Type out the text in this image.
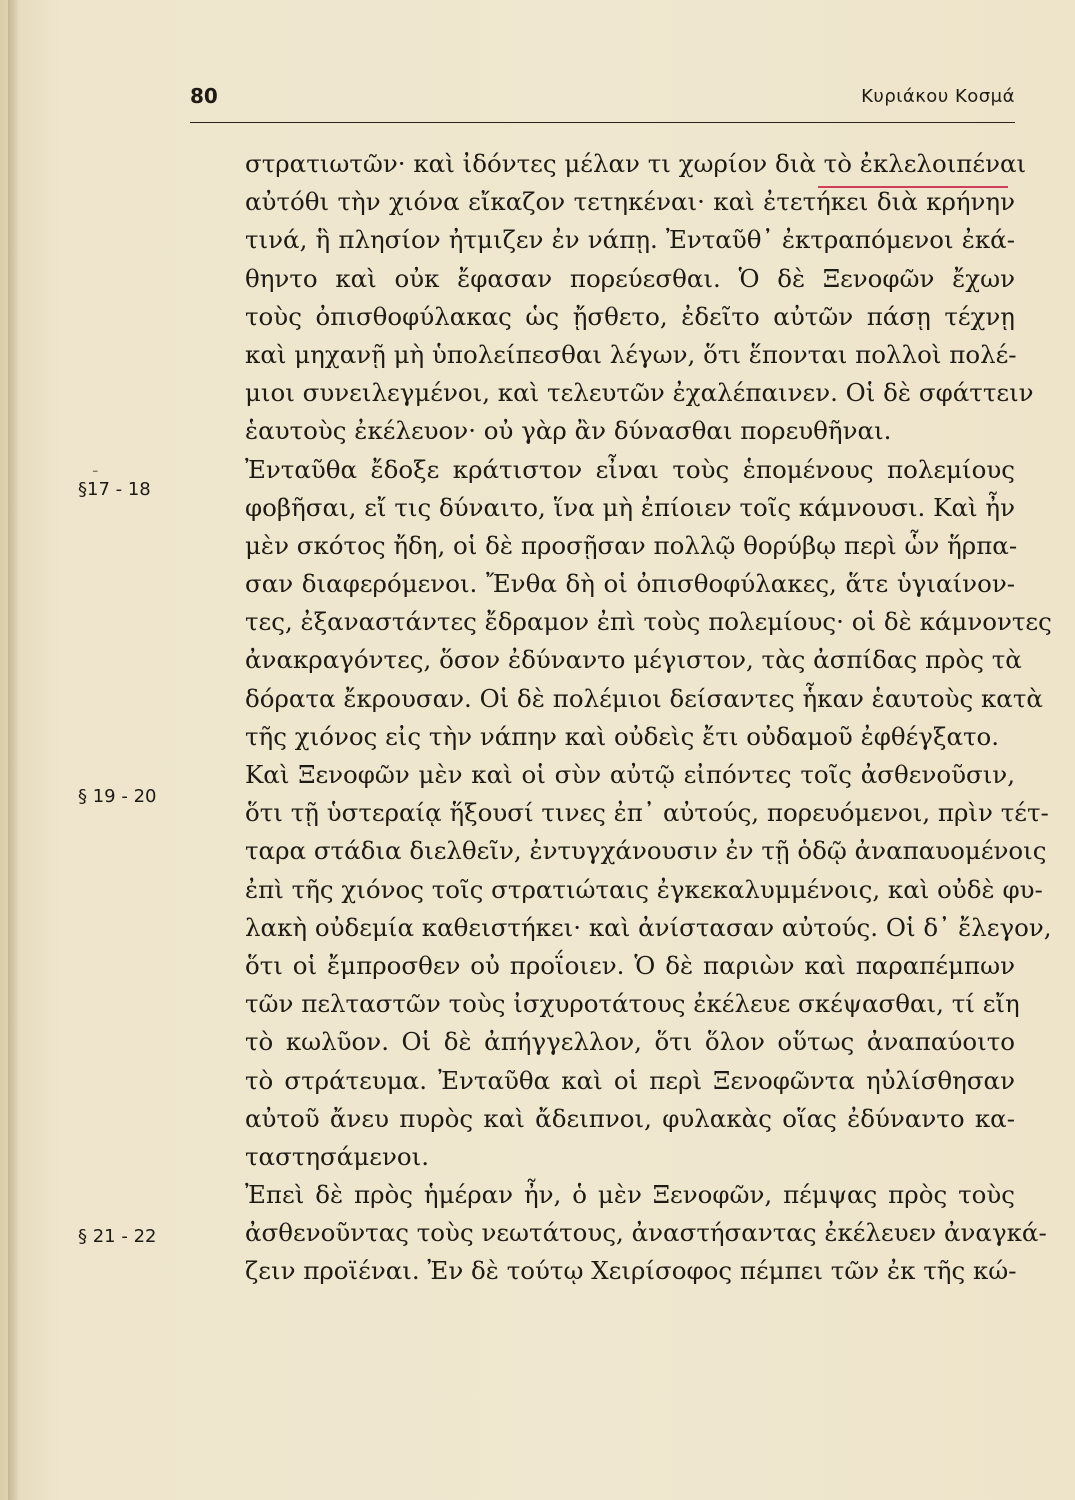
80	Κυριάκου Κοσμά
-
§17 - 18
§ 19 - 20
§ 21 - 22
στρατιωτῶν· καὶ ἰδόντες μέλαν τι χωρίον διὰ τὸ ἐκλελοιπέναι
αὐτόθι τὴν χιόνα εἴκαζον τετηκέναι· καὶ ἐτετήκει διὰ κρήνην
τινά, ἣ πλησίον ἠτμιζεν ἐν νάπῃ. Ἐνταῦθ᾽ ἐκτραπόμενοι ἐκά-
θηντο καὶ οὐκ ἔφασαν πορεύεσθαι. Ὁ δὲ Ξενοφῶν ἔχων
τοὺς ὀπισθοφύλακας ὡς ᾔσθετο, ἐδεῖτο αὐτῶν πάσῃ τέχνῃ
καὶ μηχανῇ μὴ ὑπολείπεσθαι λέγων, ὅτι ἕπονται πολλοὶ πολέ-
μιοι συνειλεγμένοι, καὶ τελευτῶν ἐχαλέπαινεν. Οἱ δὲ σφάττειν
ἑαυτοὺς ἐκέλευον· οὐ γὰρ ἂν δύνασθαι πορευθῆναι.
Ἐνταῦθα ἔδοξε κράτιστον εἶναι τοὺς ἑπομένους πολεμίους
φοβῆσαι, εἴ τις δύναιτο, ἵνα μὴ ἐπίοιεν τοῖς κάμνουσι. Καὶ ἦν
μὲν σκότος ἤδη, οἱ δὲ προσῇσαν πολλῷ θορύβῳ περὶ ὧν ἥρπα-
σαν διαφερόμενοι. Ἔνθα δὴ οἱ ὀπισθοφύλακες, ἅτε ὑγιαίνον-
τες, ἐξαναστάντες ἔδραμον ἐπὶ τοὺς πολεμίους· οἱ δὲ κάμνοντες
ἀνακραγόντες, ὅσον ἐδύναντο μέγιστον, τὰς ἀσπίδας πρὸς τὰ
δόρατα ἔκρουσαν. Οἱ δὲ πολέμιοι δείσαντες ἧκαν ἑαυτοὺς κατὰ
τῆς χιόνος εἰς τὴν νάπην καὶ οὐδεὶς ἔτι οὐδαμοῦ ἐφθέγξατο.
Καὶ Ξενοφῶν μὲν καὶ οἱ σὺν αὐτῷ εἰπόντες τοῖς ἀσθενοῦσιν,
ὅτι τῇ ὑστεραίᾳ ἥξουσί τινες ἐπ᾽ αὐτούς, πορευόμενοι, πρὶν τέτ-
ταρα στάδια διελθεῖν, ἐντυγχάνουσιν ἐν τῇ ὁδῷ ἀναπαυομένοις
ἐπὶ τῆς χιόνος τοῖς στρατιώταις ἐγκεκαλυμμένοις, καὶ οὐδὲ φυ-
λακὴ οὐδεμία καθειστήκει· καὶ ἀνίστασαν αὐτούς. Οἱ δ᾽ ἔλεγον,
ὅτι οἱ ἔμπροσθεν οὐ προΐοιεν. Ὁ δὲ παριὼν καὶ παραπέμπων
τῶν πελταστῶν τοὺς ἰσχυροτάτους ἐκέλευε σκέψασθαι, τί εἴη
τὸ κωλῦον. Οἱ δὲ ἀπήγγελλον, ὅτι ὅλον οὕτως ἀναπαύοιτο
τὸ στράτευμα. Ἐνταῦθα καὶ οἱ περὶ Ξενοφῶντα ηὐλίσθησαν
αὐτοῦ ἄνευ πυρὸς καὶ ἄδειπνοι, φυλακὰς οἵας ἐδύναντο κα-
ταστησάμενοι.
Ἐπεὶ δὲ πρὸς ἡμέραν ἦν, ὁ μὲν Ξενοφῶν, πέμψας πρὸς τοὺς
ἀσθενοῦντας τοὺς νεωτάτους, ἀναστήσαντας ἐκέλευεν ἀναγκά-
ζειν προϊέναι. Ἐν δὲ τούτῳ Χειρίσοφος πέμπει τῶν ἐκ τῆς κώ-
